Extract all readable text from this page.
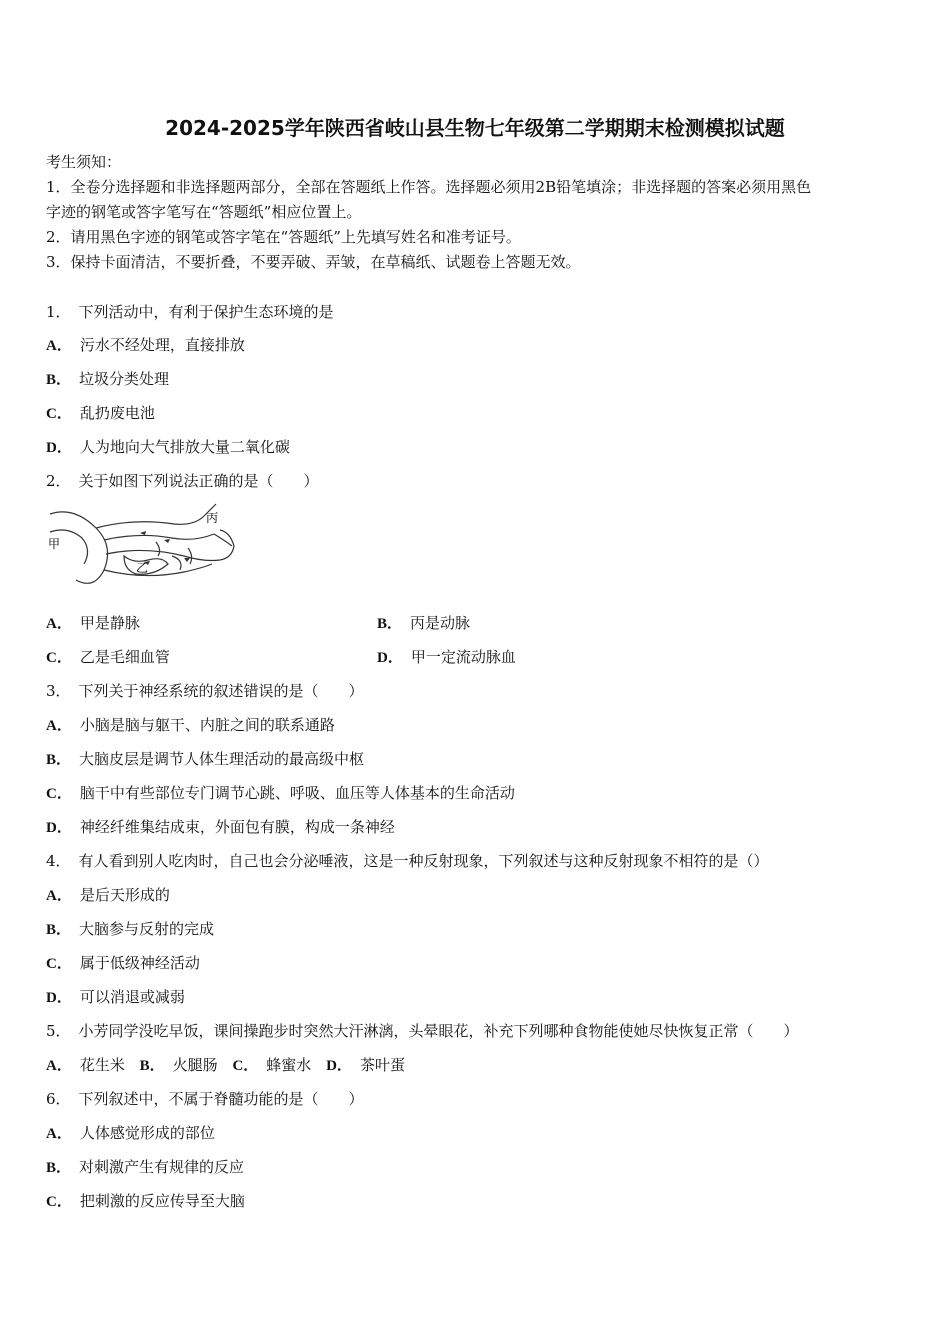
2024-2025学年陕西省岐山县生物七年级第二学期期末检测模拟试题
考生须知：
1．全卷分选择题和非选择题两部分，全部在答题纸上作答。选择题必须用2B铅笔填涂；非选择题的答案必须用黑色
字迹的钢笔或答字笔写在“答题纸”相应位置上。
2．请用黑色字迹的钢笔或答字笔在“答题纸”上先填写姓名和准考证号。
3．保持卡面清洁，不要折叠，不要弄破、弄皱，在草稿纸、试题卷上答题无效。
1． 下列活动中，有利于保护生态环境的是
A． 污水不经处理，直接排放
B． 垃圾分类处理
C． 乱扔废电池
D． 人为地向大气排放大量二氧化碳
2． 关于如图下列说法正确的是（　　）
甲
乙
丙
A． 甲是静脉	B． 丙是动脉
C． 乙是毛细血管	D． 甲一定流动脉血
3． 下列关于神经系统的叙述错误的是（　　）
A． 小脑是脑与躯干、内脏之间的联系通路
B． 大脑皮层是调节人体生理活动的最高级中枢
C． 脑干中有些部位专门调节心跳、呼吸、血压等人体基本的生命活动
D． 神经纤维集结成束，外面包有膜，构成一条神经
4． 有人看到别人吃肉时，自己也会分泌唾液，这是一种反射现象，下列叙述与这种反射现象不相符的是（）
A． 是后天形成的
B． 大脑参与反射的完成
C． 属于低级神经活动
D． 可以消退或减弱
5． 小芳同学没吃早饭，课间操跑步时突然大汗淋漓，头晕眼花，补充下列哪种食物能使她尽快恢复正常（　　）
A． 花生米 B． 火腿肠 C． 蜂蜜水 D． 茶叶蛋
6． 下列叙述中，不属于脊髓功能的是（　　）
A． 人体感觉形成的部位
B． 对刺激产生有规律的反应
C． 把刺激的反应传导至大脑
